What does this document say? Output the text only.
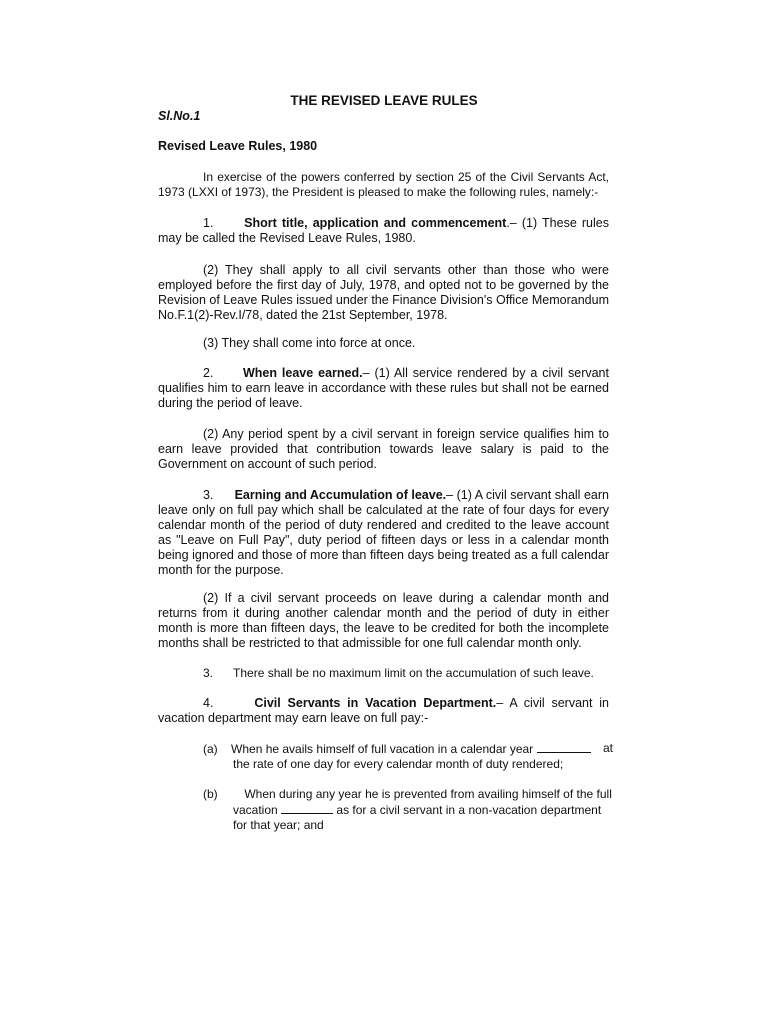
THE REVISED LEAVE RULES
Sl.No.1
Revised Leave Rules, 1980
In exercise of the powers conferred by section 25 of the Civil Servants Act, 1973 (LXXI of 1973), the President is pleased to make the following rules, namely:-
1. Short title, application and commencement.– (1) These rules may be called the Revised Leave Rules, 1980.
(2) They shall apply to all civil servants other than those who were employed before the first day of July, 1978, and opted not to be governed by the Revision of Leave Rules issued under the Finance Division's Office Memorandum No.F.1(2)-Rev.I/78, dated the 21st September, 1978.
(3) They shall come into force at once.
2. When leave earned.– (1) All service rendered by a civil servant qualifies him to earn leave in accordance with these rules but shall not be earned during the period of leave.
(2) Any period spent by a civil servant in foreign service qualifies him to earn leave provided that contribution towards leave salary is paid to the Government on account of such period.
3. Earning and Accumulation of leave.– (1) A civil servant shall earn leave only on full pay which shall be calculated at the rate of four days for every calendar month of the period of duty rendered and credited to the leave account as "Leave on Full Pay", duty period of fifteen days or less in a calendar month being ignored and those of more than fifteen days being treated as a full calendar month for the purpose.
(2) If a civil servant proceeds on leave during a calendar month and returns from it during another calendar month and the period of duty in either month is more than fifteen days, the leave to be credited for both the incomplete months shall be restricted to that admissible for one full calendar month only.
3. There shall be no maximum limit on the accumulation of such leave.
4.	Civil Servants in Vacation Department.– A civil servant in vacation department may earn leave on full pay:-
(a) When he avails himself of full vacation in a calendar year	at
the rate of one day for every calendar month of duty rendered;
(b) When during any year he is prevented from availing himself of the full
vacation	as for a civil servant in a non-vacation department
for that year; and
